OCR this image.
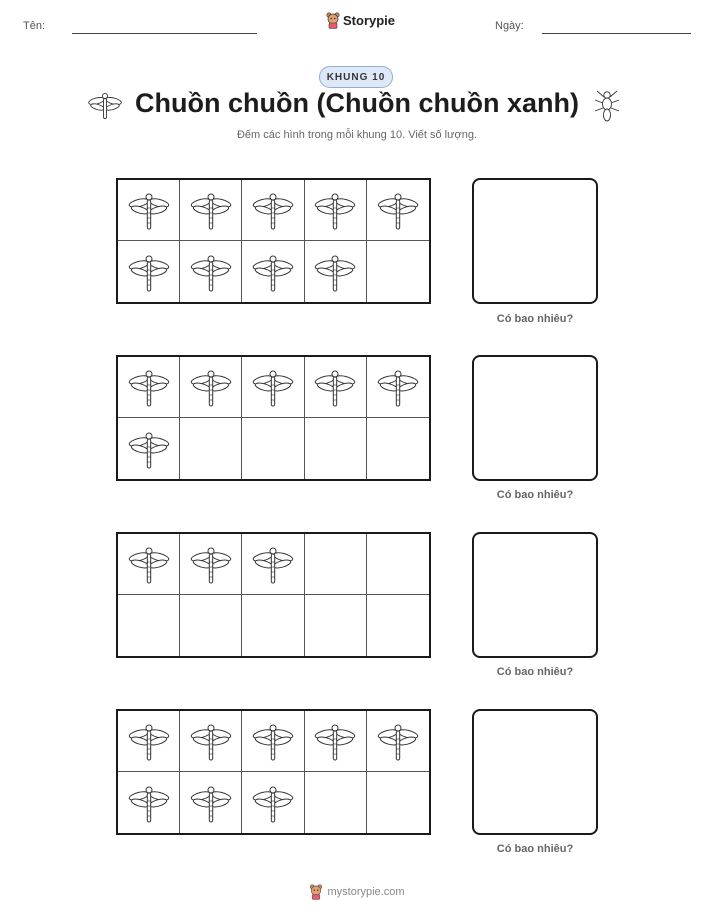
Tên:	Storypie	Ngày:
KHUNG 10
Chuồn chuồn (Chuồn chuồn xanh)
Đếm các hình trong mỗi khung 10. Viết số lượng.
Có bao nhiêu?
Có bao nhiêu?
Có bao nhiêu?
Có bao nhiêu?
mystorypie.com
